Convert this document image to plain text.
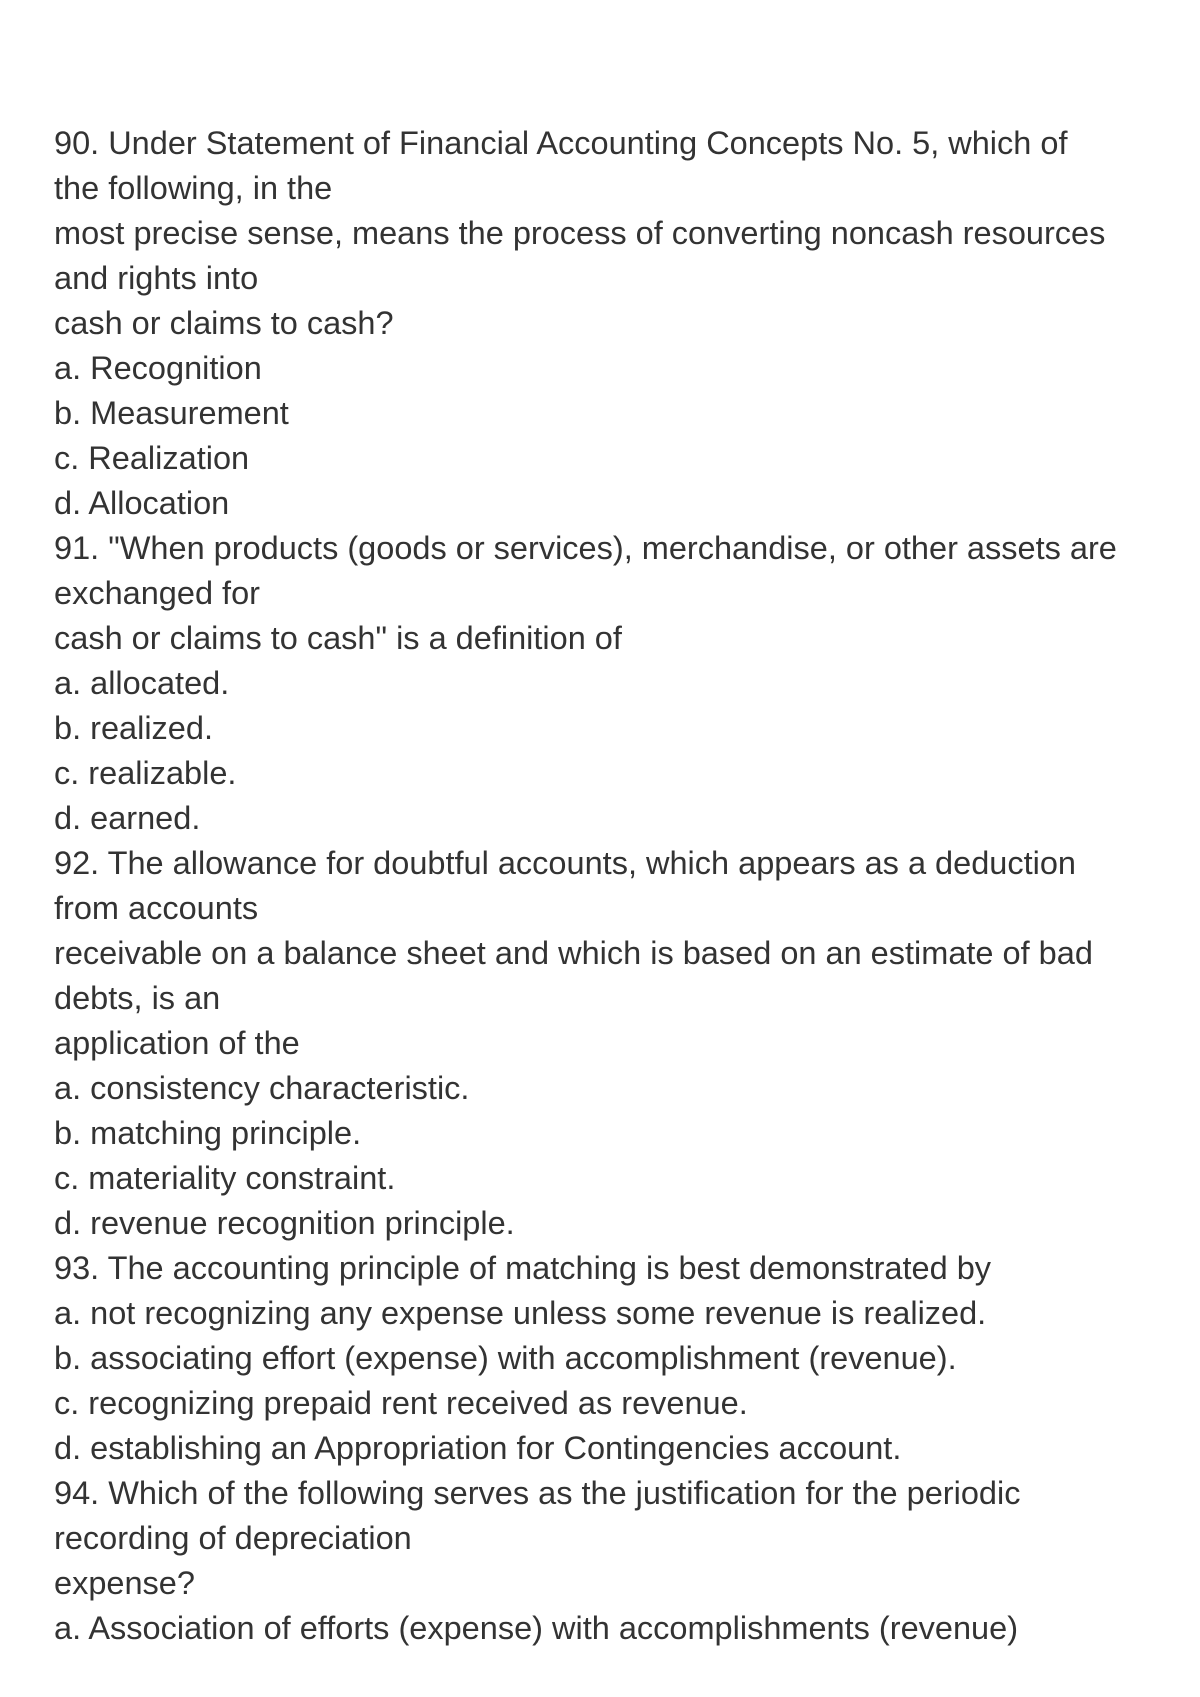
90. Under Statement of Financial Accounting Concepts No. 5, which of
the following, in the
most precise sense, means the process of converting noncash resources
and rights into
cash or claims to cash?
a. Recognition
b. Measurement
c. Realization
d. Allocation
91. "When products (goods or services), merchandise, or other assets are
exchanged for
cash or claims to cash" is a definition of
a. allocated.
b. realized.
c. realizable.
d. earned.
92. The allowance for doubtful accounts, which appears as a deduction
from accounts
receivable on a balance sheet and which is based on an estimate of bad
debts, is an
application of the
a. consistency characteristic.
b. matching principle.
c. materiality constraint.
d. revenue recognition principle.
93. The accounting principle of matching is best demonstrated by
a. not recognizing any expense unless some revenue is realized.
b. associating effort (expense) with accomplishment (revenue).
c. recognizing prepaid rent received as revenue.
d. establishing an Appropriation for Contingencies account.
94. Which of the following serves as the justification for the periodic
recording of depreciation
expense?
a. Association of efforts (expense) with accomplishments (revenue)
